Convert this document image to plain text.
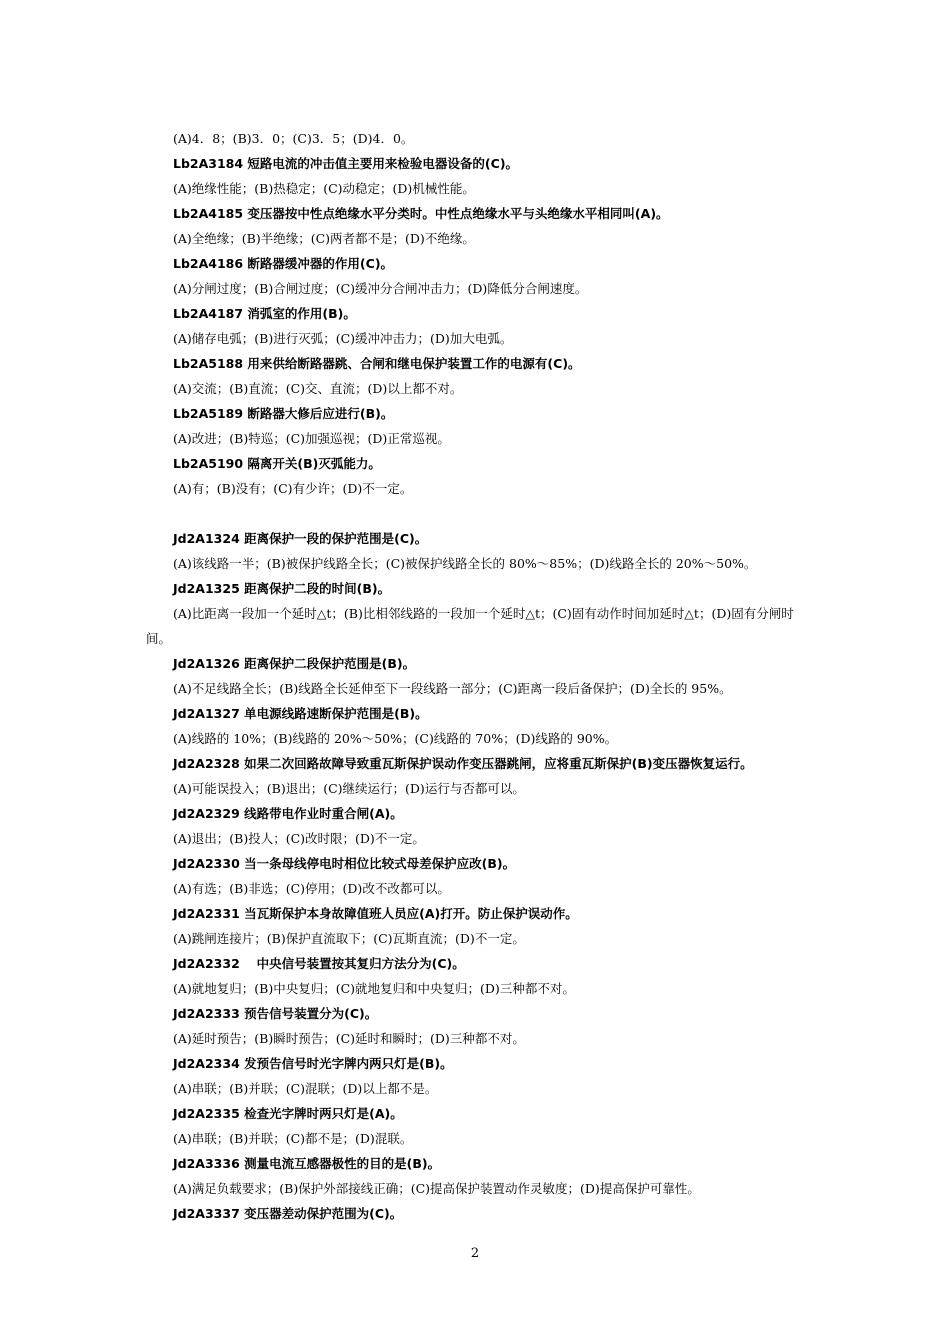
(A)4．8；(B)3．0；(C)3．5；(D)4．0。
Lb2A3184 短路电流的冲击值主要用来检验电器设备的(C)。
(A)绝缘性能；(B)热稳定；(C)动稳定；(D)机械性能。
Lb2A4185 变压器按中性点绝缘水平分类时。中性点绝缘水平与头绝缘水平相同叫(A)。
(A)全绝缘；(B)半绝缘；(C)两者都不是；(D)不绝缘。
Lb2A4186 断路器缓冲器的作用(C)。
(A)分闸过度；(B)合闸过度；(C)缓冲分合闸冲击力；(D)降低分合闸速度。
Lb2A4187 消弧室的作用(B)。
(A)储存电弧；(B)进行灭弧；(C)缓冲冲击力；(D)加大电弧。
Lb2A5188 用来供给断路器跳、合闸和继电保护装置工作的电源有(C)。
(A)交流；(B)直流；(C)交、直流；(D)以上都不对。
Lb2A5189 断路器大修后应进行(B)。
(A)改进；(B)特巡；(C)加强巡视；(D)正常巡视。
Lb2A5190 隔离开关(B)灭弧能力。
(A)有；(B)没有；(C)有少许；(D)不一定。
Jd2A1324 距离保护一段的保护范围是(C)。
(A)该线路一半；(B)被保护线路全长；(C)被保护线路全长的 80%～85%；(D)线路全长的 20%～50%。
Jd2A1325 距离保护二段的时间(B)。
(A)比距离一段加一个延时△t；(B)比相邻线路的一段加一个延时△t；(C)固有动作时间加延时△t；(D)固有分闸时间。
Jd2A1326 距离保护二段保护范围是(B)。
(A)不足线路全长；(B)线路全长延伸至下一段线路一部分；(C)距离一段后备保护；(D)全长的 95%。
Jd2A1327 单电源线路速断保护范围是(B)。
(A)线路的 10%；(B)线路的 20%～50%；(C)线路的 70%；(D)线路的 90%。
Jd2A2328 如果二次回路故障导致重瓦斯保护误动作变压器跳闸，应将重瓦斯保护(B)变压器恢复运行。
(A)可能误投入；(B)退出；(C)继续运行；(D)运行与否都可以。
Jd2A2329 线路带电作业时重合闸(A)。
(A)退出；(B)投人；(C)改时限；(D)不一定。
Jd2A2330 当一条母线停电时相位比较式母差保护应改(B)。
(A)有选；(B)非选；(C)停用；(D)改不改都可以。
Jd2A2331 当瓦斯保护本身故障值班人员应(A)打开。防止保护误动作。
(A)跳闸连接片；(B)保护直流取下；(C)瓦斯直流；(D)不一定。
Jd2A2332　 中央信号装置按其复归方法分为(C)。
(A)就地复归；(B)中央复归；(C)就地复归和中央复归；(D)三种都不对。
Jd2A2333 预告信号装置分为(C)。
(A)延时预告；(B)瞬时预告；(C)延时和瞬时；(D)三种都不对。
Jd2A2334 发预告信号时光字牌内两只灯是(B)。
(A)串联；(B)并联；(C)混联；(D)以上都不是。
Jd2A2335 检查光字牌时两只灯是(A)。
(A)串联；(B)并联；(C)都不是；(D)混联。
Jd2A3336 测量电流互感器极性的目的是(B)。
(A)满足负载要求；(B)保护外部接线正确；(C)提高保护装置动作灵敏度；(D)提高保护可靠性。
Jd2A3337 变压器差动保护范围为(C)。
2
